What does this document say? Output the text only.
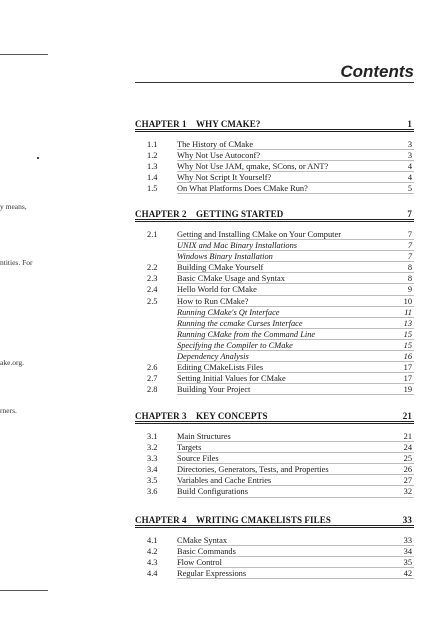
y means,
ntities. For
ake.org.
rners.
Contents
CHAPTER 1 WHY CMAKE?	1
1.1 The History of CMake	3
1.2 Why Not Use Autoconf?	3
1.3 Why Not Use JAM, qmake, SCons, or ANT?	4
1.4 Why Not Script It Yourself?	4
1.5 On What Platforms Does CMake Run?	5
CHAPTER 2 GETTING STARTED	7
2.1 Getting and Installing CMake on Your Computer	7
UNIX and Mac Binary Installations	7
Windows Binary Installation	7
2.2 Building CMake Yourself	8
2.3 Basic CMake Usage and Syntax	8
2.4 Hello World for CMake	9
2.5 How to Run CMake?	10
Running CMake's Qt Interface	11
Running the ccmake Curses Interface	13
Running CMake from the Command Line	15
Specifying the Compiler to CMake	15
Dependency Analysis	16
2.6 Editing CMakeLists Files	17
2.7 Setting Initial Values for CMake	17
2.8 Building Your Project	19
CHAPTER 3 KEY CONCEPTS	21
3.1 Main Structures	21
3.2 Targets	24
3.3 Source Files	25
3.4 Directories, Generators, Tests, and Properties	26
3.5 Variables and Cache Entries	27
3.6 Build Configurations	32
CHAPTER 4 WRITING CMAKELISTS FILES	33
4.1 CMake Syntax	33
4.2 Basic Commands	34
4.3 Flow Control	35
4.4 Regular Expressions	42
